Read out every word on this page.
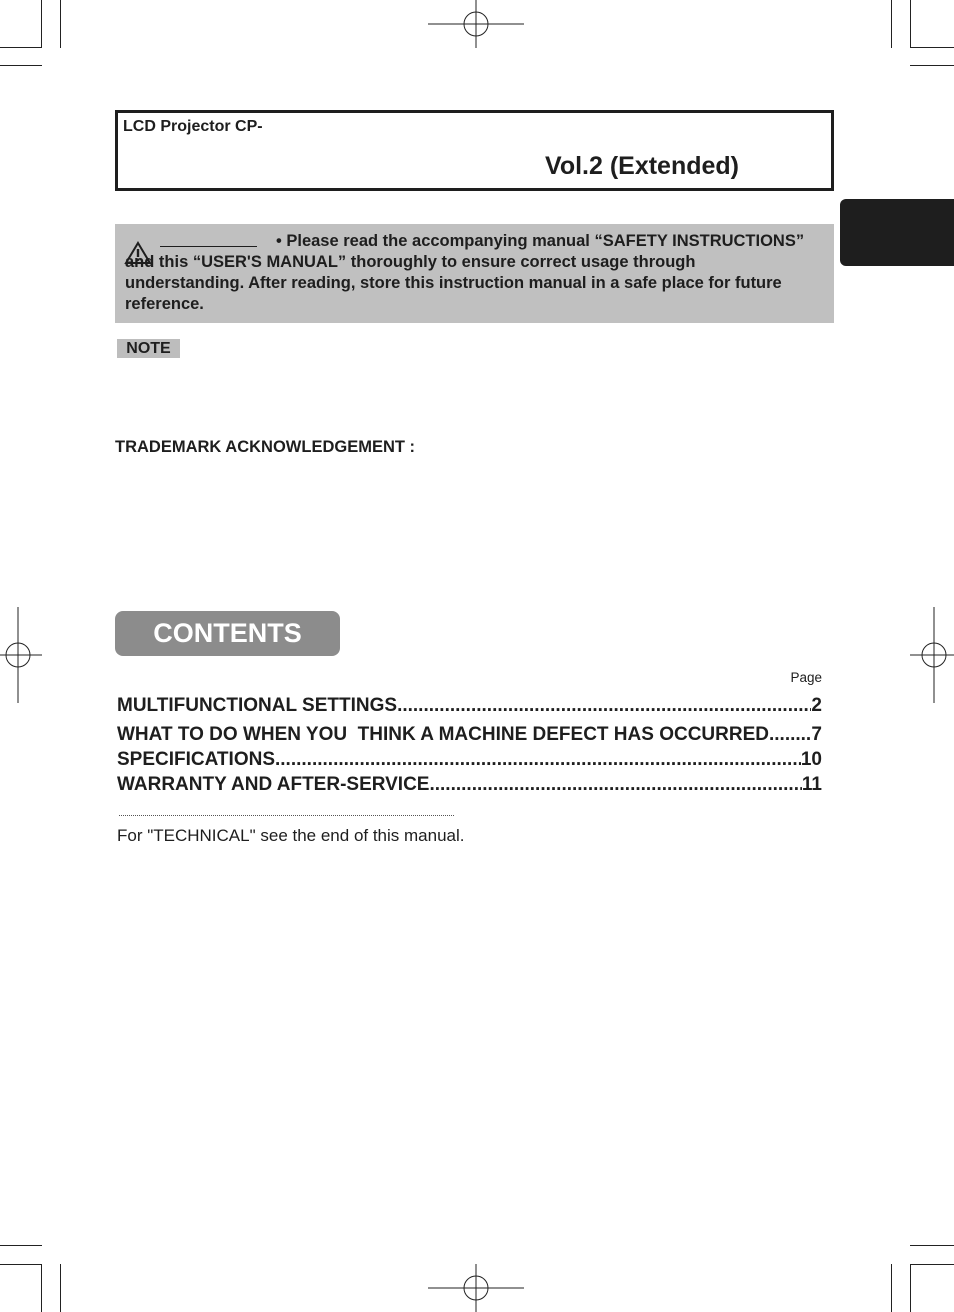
LCD Projector CP-
Vol.2 (Extended)
• Please read the accompanying manual “SAFETY INSTRUCTIONS” and this “USER'S MANUAL” thoroughly to ensure correct usage through understanding. After reading, store this instruction manual in a safe place for future reference.
NOTE
TRADEMARK ACKNOWLEDGEMENT :
CONTENTS
Page
MULTIFUNCTIONAL SETTINGS .....	2
WHAT TO DO WHEN YOU  THINK A MACHINE DEFECT HAS OCCURRED ..... 7
SPECIFICATIONS .....	10
WARRANTY AND AFTER-SERVICE .....	11
For "TECHNICAL" see the end of this manual.
